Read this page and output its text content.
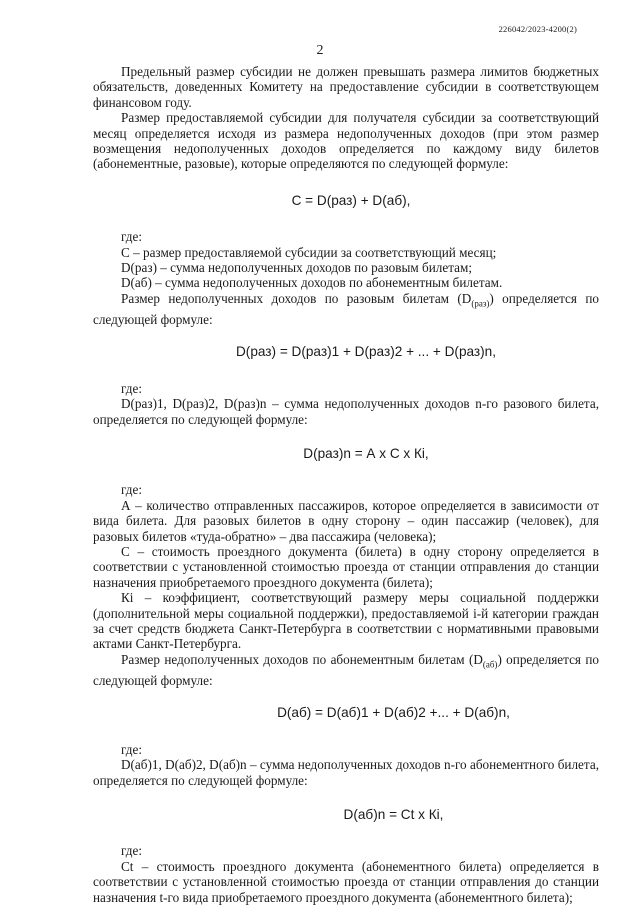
226042/2023-4200(2)
2

Предельный размер субсидии не должен превышать размера лимитов бюджетных обязательств, доведенных Комитету на предоставление субсидии в соответствующем финансовом году.

Размер предоставляемой субсидии для получателя субсидии за соответствующий месяц определяется исходя из размера недополученных доходов (при этом размер возмещения недополученных доходов определяется по каждому виду билетов (абонементные, разовые), которые определяются по следующей формуле:

С = D(раз) + D(аб),

где:

С – размер предоставляемой субсидии за соответствующий месяц;

D(раз) – сумма недополученных доходов по разовым билетам;

D(аб) – сумма недополученных доходов по абонементным билетам.

Размер недополученных доходов по разовым билетам $(D_{(раз)})$ определяется по следующей формуле:

D(раз) = D(раз)1 + D(раз)2 + ... + D(раз)n,

где:

D(раз)1, D(раз)2, D(раз)n – сумма недополученных доходов n-го разового билета, определяется по следующей формуле:

D(раз)n = А x С x Кi,

где:

А – количество отправленных пассажиров, которое определяется в зависимости от вида билета. Для разовых билетов в одну сторону – один пассажир (человек), для разовых билетов «туда-обратно» – два пассажира (человека);

С – стоимость проездного документа (билета) в одну сторону определяется в соответствии с установленной стоимостью проезда от станции отправления до станции назначения приобретаемого проездного документа (билета);

Кi – коэффициент, соответствующий размеру меры социальной поддержки (дополнительной меры социальной поддержки), предоставляемой i-й категории граждан за счет средств бюджета Санкт-Петербурга в соответствии с нормативными правовыми актами Санкт-Петербурга.

Размер недополученных доходов по абонементным билетам $(D_{(аб)})$ определяется по следующей формуле:

D(аб) = D(аб)1 + D(аб)2 +... + D(аб)n,

где:

D(аб)1, D(аб)2, D(аб)n – сумма недополученных доходов n-го абонементного билета, определяется по следующей формуле:

D(аб)n = Сt x Кi,

где:

Сt – стоимость проездного документа (абонементного билета) определяется в соответствии с установленной стоимостью проезда от станции отправления до станции назначения t-го вида приобретаемого проездного документа (абонементного билета);
